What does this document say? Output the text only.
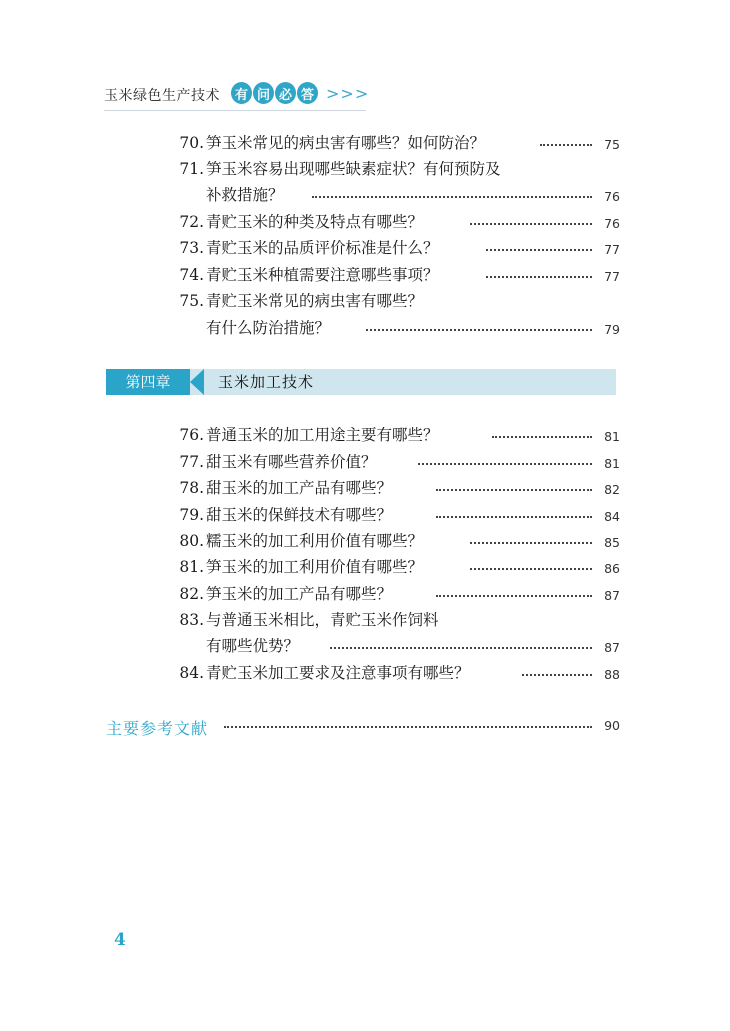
玉米绿色生产技术	有 问 必 答 >>>
70. 笋玉米常见的病虫害有哪些？如何防治？	75
71. 笋玉米容易出现哪些缺素症状？有何预防及
补救措施？	76
72. 青贮玉米的种类及特点有哪些？	76
73. 青贮玉米的品质评价标准是什么？	77
74. 青贮玉米种植需要注意哪些事项？	77
75. 青贮玉米常见的病虫害有哪些？
有什么防治措施？	79
第四章	玉米加工技术
76. 普通玉米的加工用途主要有哪些？	81
77. 甜玉米有哪些营养价值？	81
78. 甜玉米的加工产品有哪些？	82
79. 甜玉米的保鲜技术有哪些？	84
80. 糯玉米的加工利用价值有哪些？	85
81. 笋玉米的加工利用价值有哪些？	86
82. 笋玉米的加工产品有哪些？	87
83. 与普通玉米相比，青贮玉米作饲料
有哪些优势？	87
84. 青贮玉米加工要求及注意事项有哪些？	88
主要参考文献	90
4
